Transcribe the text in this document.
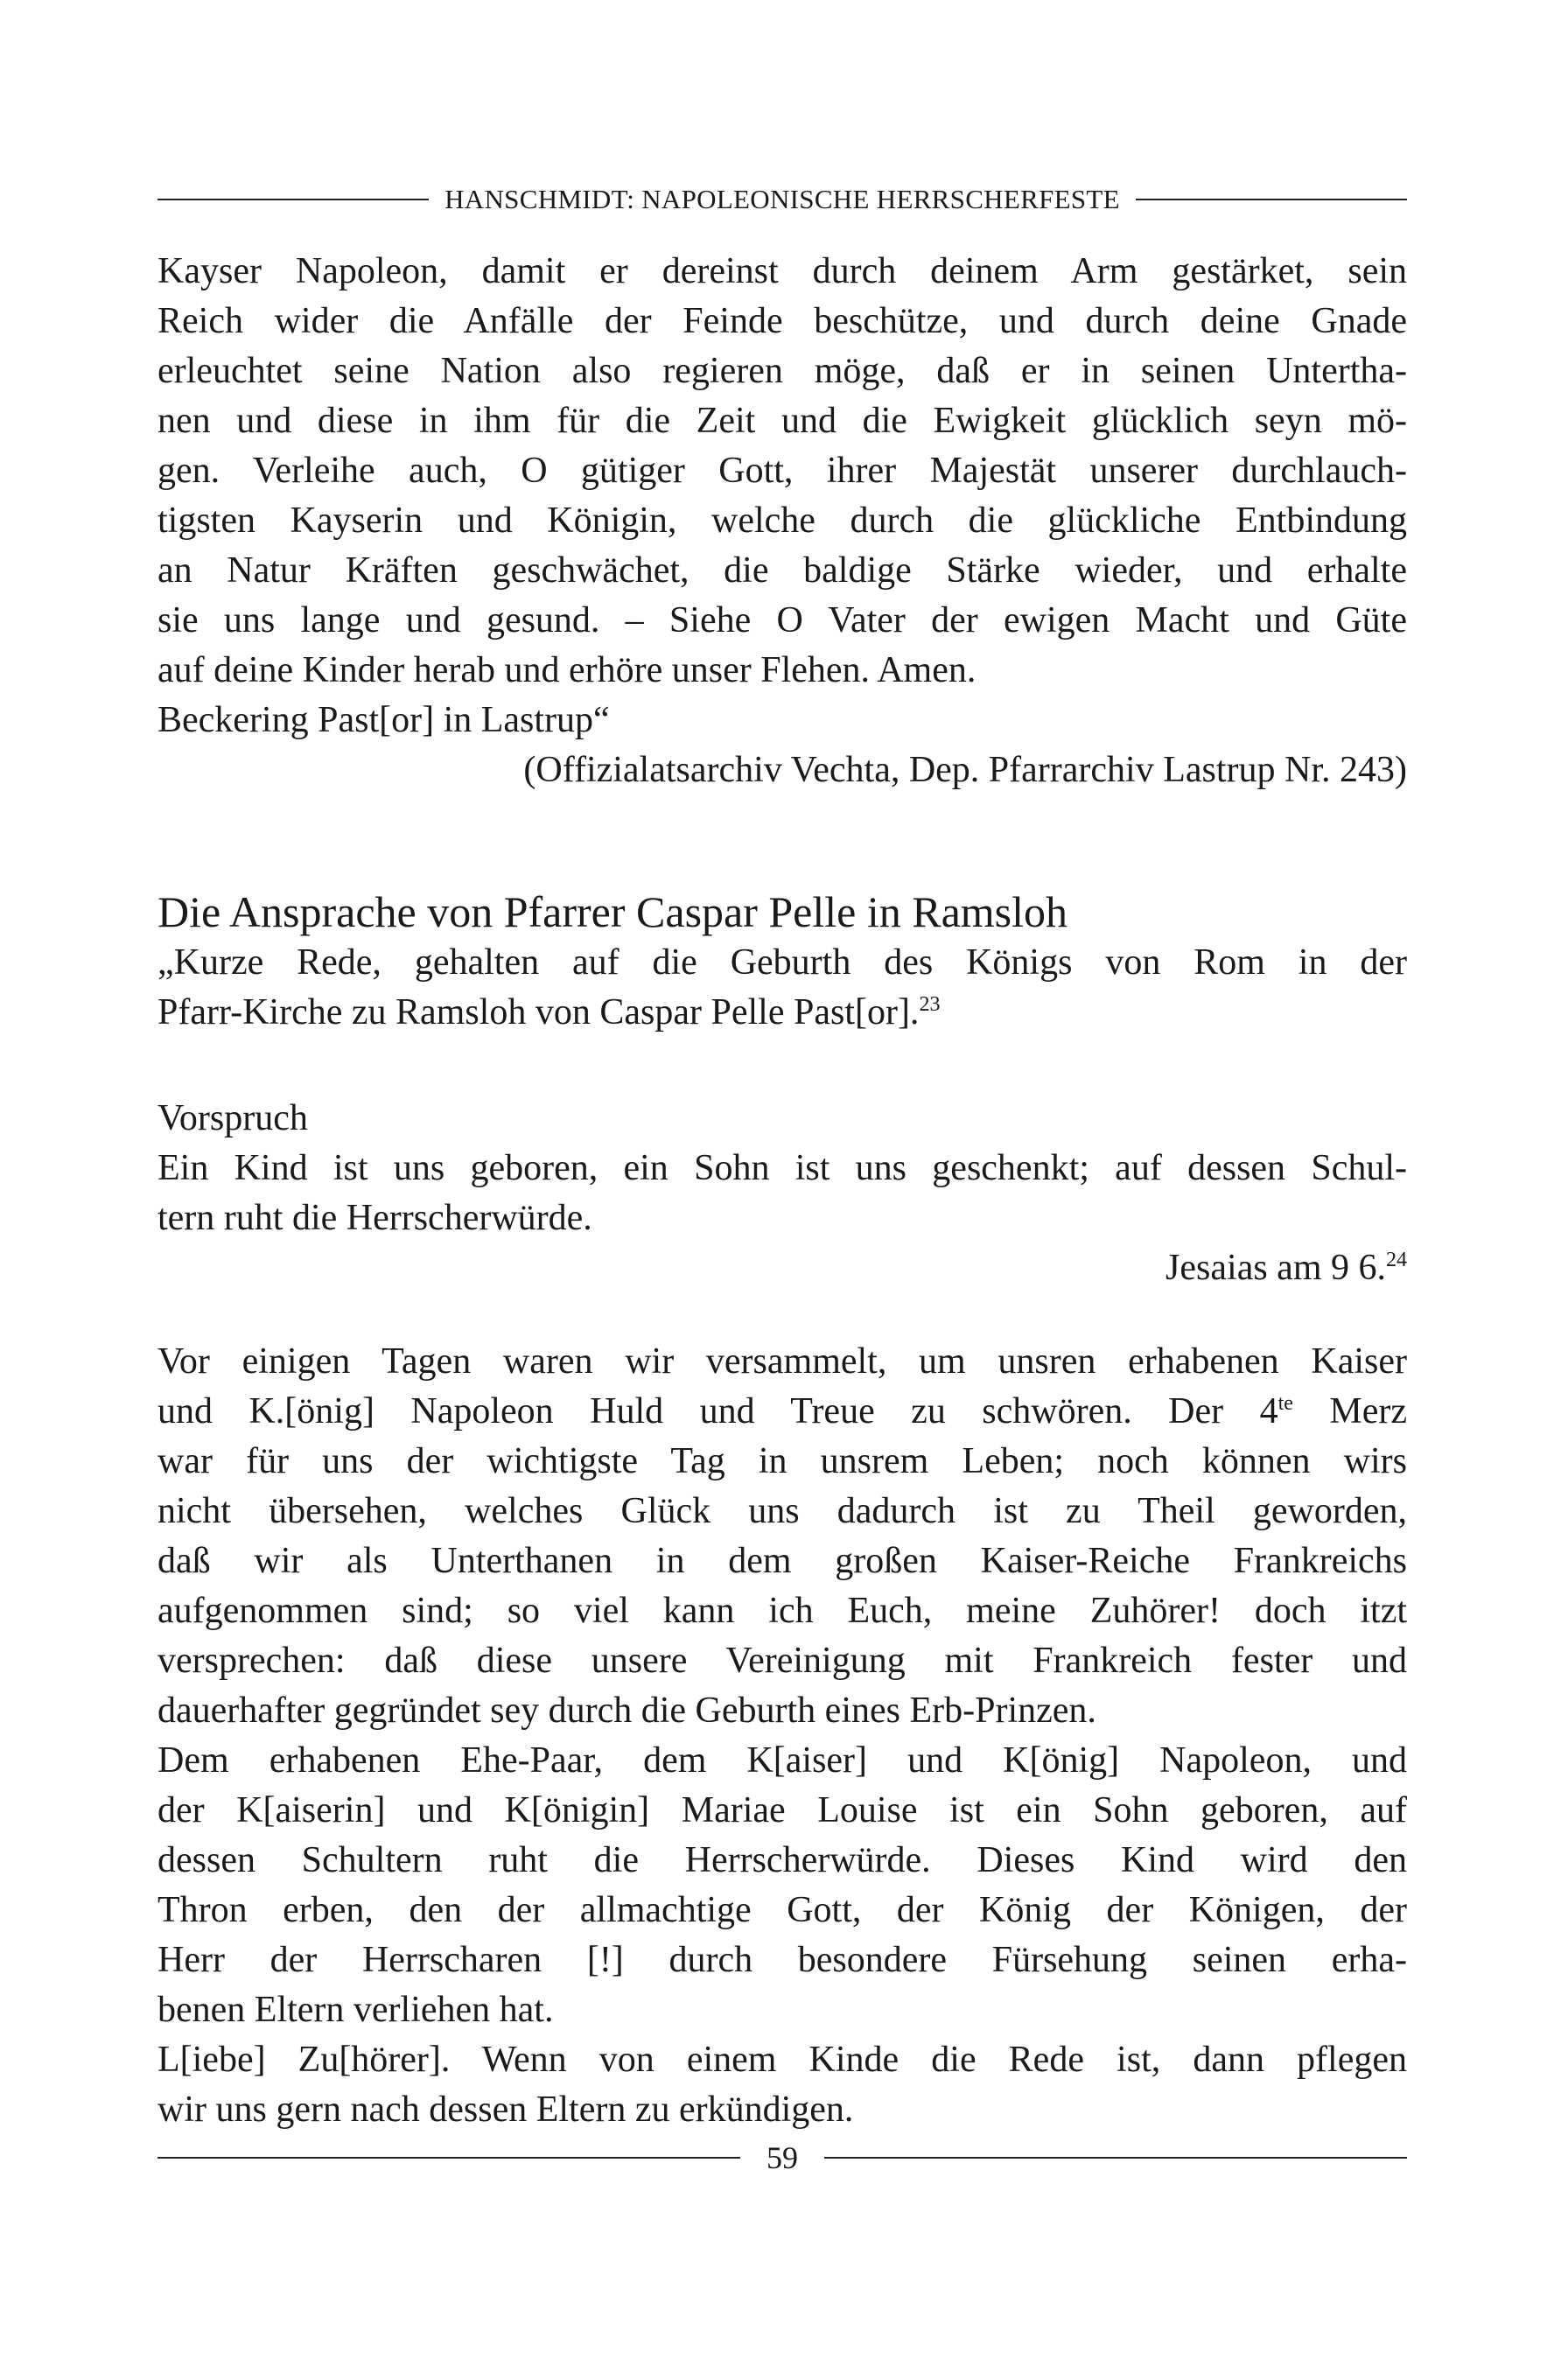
HANSCHMIDT: NAPOLEONISCHE HERRSCHERFESTE
Kayser Napoleon, damit er dereinst durch deinem Arm gestärket, sein
Reich wider die Anfälle der Feinde beschütze, und durch deine Gnade
erleuchtet seine Nation also regieren möge, daß er in seinen Untertha-
nen und diese in ihm für die Zeit und die Ewigkeit glücklich seyn mö-
gen. Verleihe auch, O gütiger Gott, ihrer Majestät unserer durchlauch-
tigsten Kayserin und Königin, welche durch die glückliche Entbindung
an Natur Kräften geschwächet, die baldige Stärke wieder, und erhalte
sie uns lange und gesund. – Siehe O Vater der ewigen Macht und Güte
auf deine Kinder herab und erhöre unser Flehen. Amen.
Beckering Past[or] in Lastrup“
(Offizialatsarchiv Vechta, Dep. Pfarrarchiv Lastrup Nr. 243)
Die Ansprache von Pfarrer Caspar Pelle in Ramsloh
„Kurze Rede, gehalten auf die Geburth des Königs von Rom in der
Pfarr-Kirche zu Ramsloh von Caspar Pelle Past[or].$^{23}$
Vorspruch
Ein Kind ist uns geboren, ein Sohn ist uns geschenkt; auf dessen Schul-
tern ruht die Herrscherwürde.
Jesaias am 9 6.24
Vor einigen Tagen waren wir versammelt, um unsren erhabenen Kaiser
und K.[önig] Napoleon Huld und Treue zu schwören. Der $4^{te}$ Merz
war für uns der wichtigste Tag in unsrem Leben; noch können wirs
nicht übersehen, welches Glück uns dadurch ist zu Theil geworden,
daß wir als Unterthanen in dem großen Kaiser-Reiche Frankreichs
aufgenommen sind; so viel kann ich Euch, meine Zuhörer! doch itzt
versprechen: daß diese unsere Vereinigung mit Frankreich fester und
dauerhafter gegründet sey durch die Geburth eines Erb-Prinzen.
Dem erhabenen Ehe-Paar, dem K[aiser] und K[önig] Napoleon, und
der K[aiserin] und K[önigin] Mariae Louise ist ein Sohn geboren, auf
dessen Schultern ruht die Herrscherwürde. Dieses Kind wird den
Thron erben, den der allmachtige Gott, der König der Königen, der
Herr der Herrscharen [!] durch besondere Fürsehung seinen erha-
benen Eltern verliehen hat.
L[iebe] Zu[hörer]. Wenn von einem Kinde die Rede ist, dann pflegen
wir uns gern nach dessen Eltern zu erkündigen.
59
